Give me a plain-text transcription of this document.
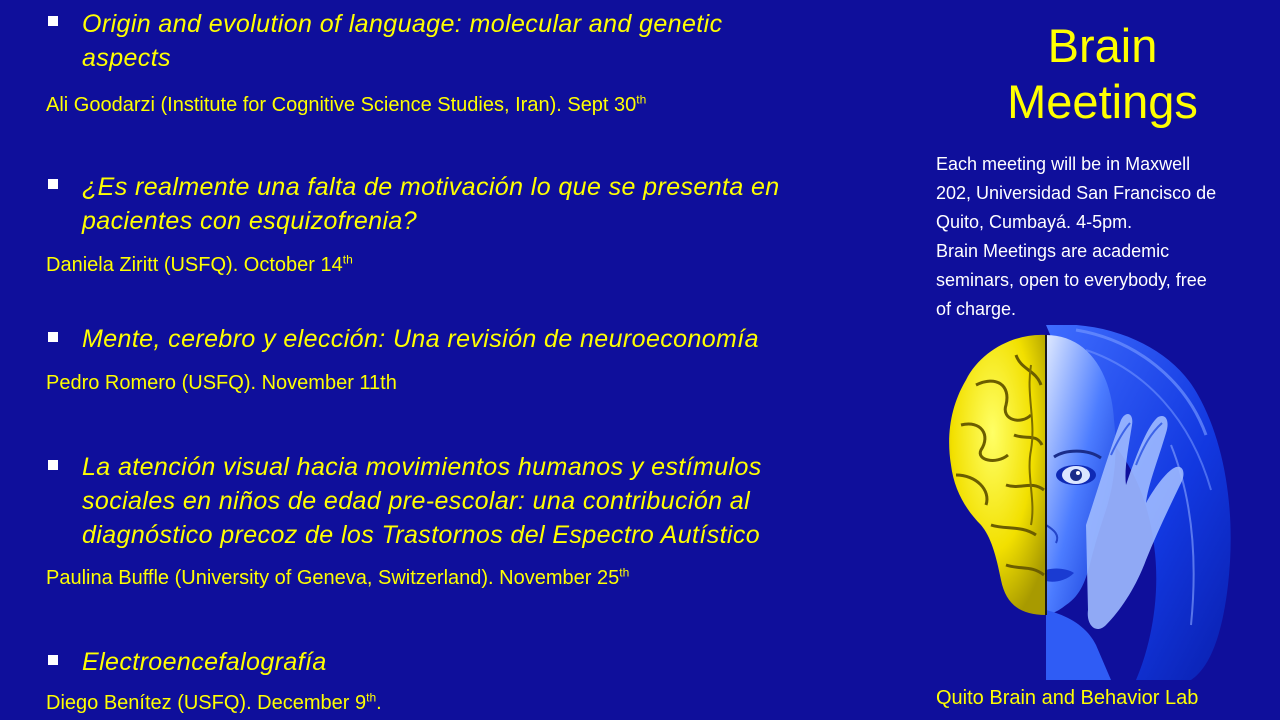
Origin and evolution of language: molecular and genetic
aspects
Ali Goodarzi (Institute for Cognitive Science Studies, Iran). Sept 30th
¿Es realmente una falta de motivación lo que se presenta en
pacientes con esquizofrenia?
Daniela Ziritt (USFQ). October 14th
Mente, cerebro y elección: Una revisión de neuroeconomía
Pedro Romero (USFQ). November 11th
La atención visual hacia movimientos humanos y estímulos
sociales en niños de edad pre-escolar: una contribución al
diagnóstico precoz de los Trastornos del Espectro Autístico
Paulina Buffle (University of Geneva, Switzerland). November 25th
Electroencefalografía
Diego Benítez (USFQ). December 9th.
Brain
Meetings

Each meeting will be in Maxwell

202, Universidad San Francisco de

Quito, Cumbayá. 4-5pm.

Brain Meetings are academic

seminars, open to everybody, free

of charge.

Quito Brain and Behavior Lab
